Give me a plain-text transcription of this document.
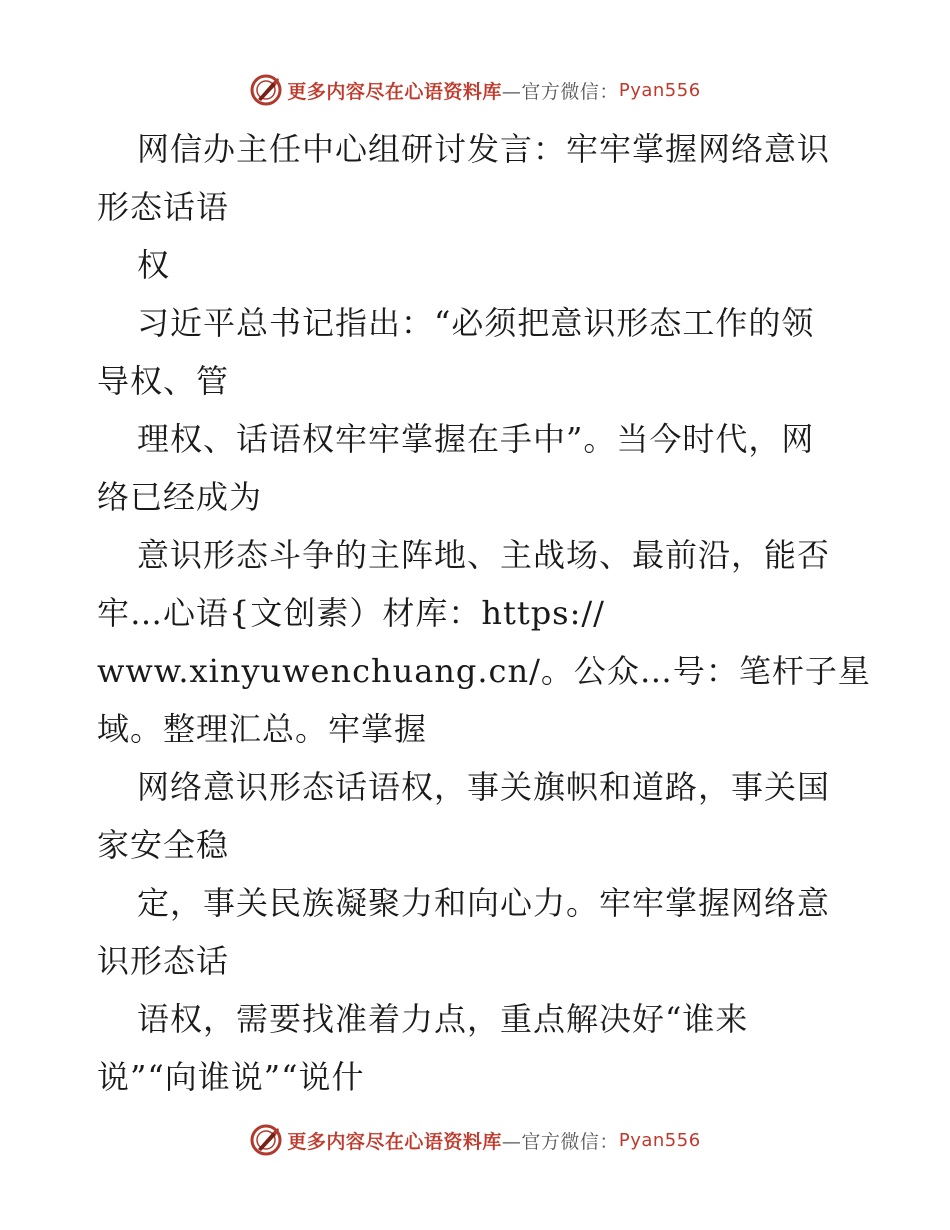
更多内容尽在心语资料库 —官方微信： Pyan556
网信办主任中心组研讨发言：牢牢掌握网络意识
形态话语
权
习近平总书记指出：“必须把意识形态工作的领
导权、管
理权、话语权牢牢掌握在手中”。当今时代，网
络已经成为
意识形态斗争的主阵地、主战场、最前沿，能否
牢…心语{文创素）材库：https://
www.xinyuwenchuang.cn/。公众…号：笔杆子星
域。整理汇总。牢掌握
网络意识形态话语权，事关旗帜和道路，事关国
家安全稳
定，事关民族凝聚力和向心力。牢牢掌握网络意
识形态话
语权，需要找准着力点，重点解决好“谁来
说”“向谁说”“说什
更多内容尽在心语资料库 —官方微信： Pyan556
